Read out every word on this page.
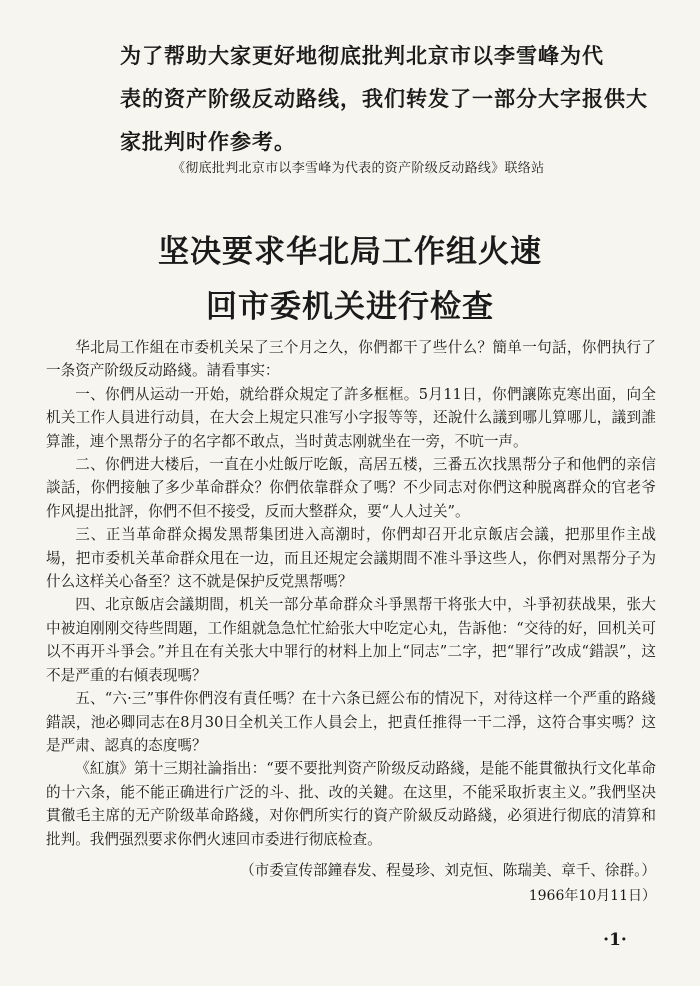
为了帮助大家更好地彻底批判北京市以李雪峰为代

表的资产阶级反动路线，我们转发了一部分大字报供大

家批判时作参考。

《彻底批判北京市以李雪峰为代表的资产阶级反动路线》联络站
坚决要求华北局工作组火速
回市委机关进行检查

华北局工作組在市委机关呆了三个月之久，你們都干了些什么？簡单一句話，你們执行了一条资产阶级反动路綫。請看事实：

一、你們从运动一开始，就给群众規定了許多框框。5月11日，你們讓陈克寒出面，向全机关工作人員进行动員，在大会上規定只准写小字报等等，还說什么議到哪儿算哪儿，議到誰算誰，連个黑帮分子的名字都不敢点，当时黄志刚就坐在一旁，不吭一声。

二、你們进大楼后，一直在小灶飯厅吃飯，高居五楼，三番五次找黑帮分子和他們的亲信談話，你們接触了多少革命群众？你們依靠群众了嗎？不少同志对你們这种脱离群众的官老爷作风提出批評，你們不但不接受，反而大整群众，要“人人过关”。

三、正当革命群众揭发黑帮集团进入高潮时，你們却召开北京飯店会議，把那里作主战場，把市委机关革命群众甩在一边，而且还規定会議期間不准斗爭这些人，你們对黑帮分子为什么这样关心备至？这不就是保护反党黑帮嗎？

四、北京飯店会議期間，机关一部分革命群众斗爭黑帮干将张大中，斗爭初获战果，张大中被迫刚刚交待些問題，工作組就急急忙忙給张大中吃定心丸，告訴他：“交待的好，回机关可以不再开斗爭会。”并且在有关张大中罪行的材料上加上“同志”二字，把“罪行”改成“錯誤”，这不是严重的右傾表现嗎？

五、“六·三”事件你們沒有責任嗎？在十六条已經公布的情况下，对待这样一个严重的路綫錯誤，池必卿同志在8月30日全机关工作人員会上，把責任推得一干二淨，这符合事实嗎？这是严肃、認真的态度嗎？

《紅旗》第十三期社論指出：“要不要批判资产阶级反动路綫，是能不能貫徹执行文化革命的十六条，能不能正确进行广泛的斗、批、改的关鍵。在这里，不能采取折衷主义。”我們坚决貫徹毛主席的无产阶级革命路綫，对你們所实行的資产阶級反动路綫，必須进行彻底的清算和批判。我們强烈要求你們火速回市委进行彻底检查。

（市委宣传部鐘春发、程曼珍、刘克恒、陈瑞美、章千、徐群。）
1966年10月11日）
·1·
